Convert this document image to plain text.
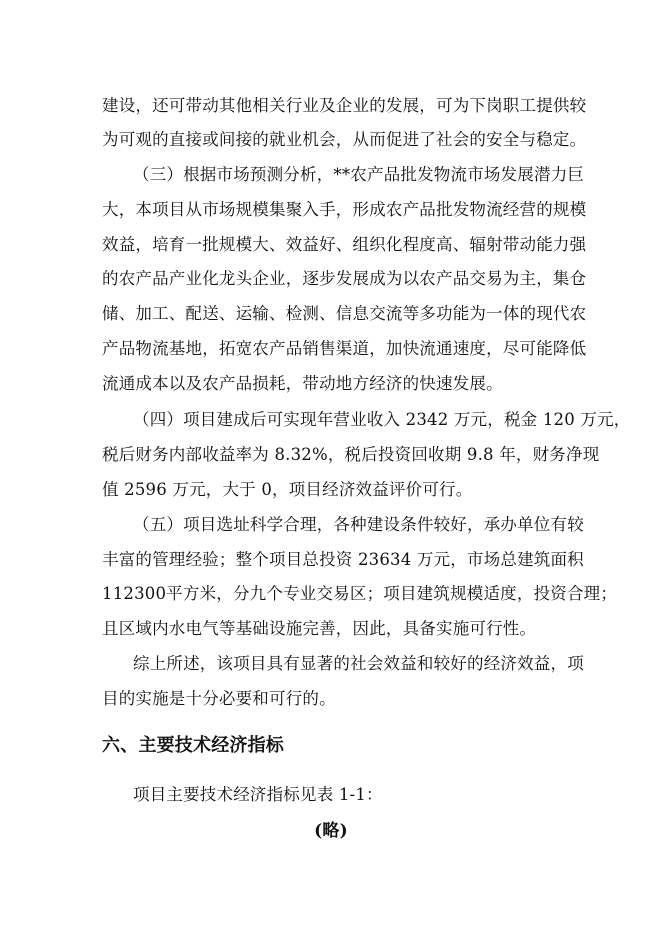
建设，还可带动其他相关行业及企业的发展，可为下岗职工提供较
为可观的直接或间接的就业机会，从而促进了社会的安全与稳定。
（三）根据市场预测分析，**农产品批发物流市场发展潜力巨
大，本项目从市场规模集聚入手，形成农产品批发物流经营的规模
效益，培育一批规模大、效益好、组织化程度高、辐射带动能力强
的农产品产业化龙头企业，逐步发展成为以农产品交易为主，集仓
储、加工、配送、运输、检测、信息交流等多功能为一体的现代农
产品物流基地，拓宽农产品销售渠道，加快流通速度，尽可能降低
流通成本以及农产品损耗，带动地方经济的快速发展。
（四）项目建成后可实现年营业收入 2342 万元，税金 120 万元，
税后财务内部收益率为 8.32%，税后投资回收期 9.8 年，财务净现
值 2596 万元，大于 0，项目经济效益评价可行。
（五）项目选址科学合理，各种建设条件较好，承办单位有较
丰富的管理经验；整个项目总投资 23634 万元，市场总建筑面积
112300平方米，分九个专业交易区；项目建筑规模适度，投资合理；
且区域内水电气等基础设施完善，因此，具备实施可行性。
综上所述，该项目具有显著的社会效益和较好的经济效益，项
目的实施是十分必要和可行的。
六、主要技术经济指标
项目主要技术经济指标见表 1-1：
(略)
